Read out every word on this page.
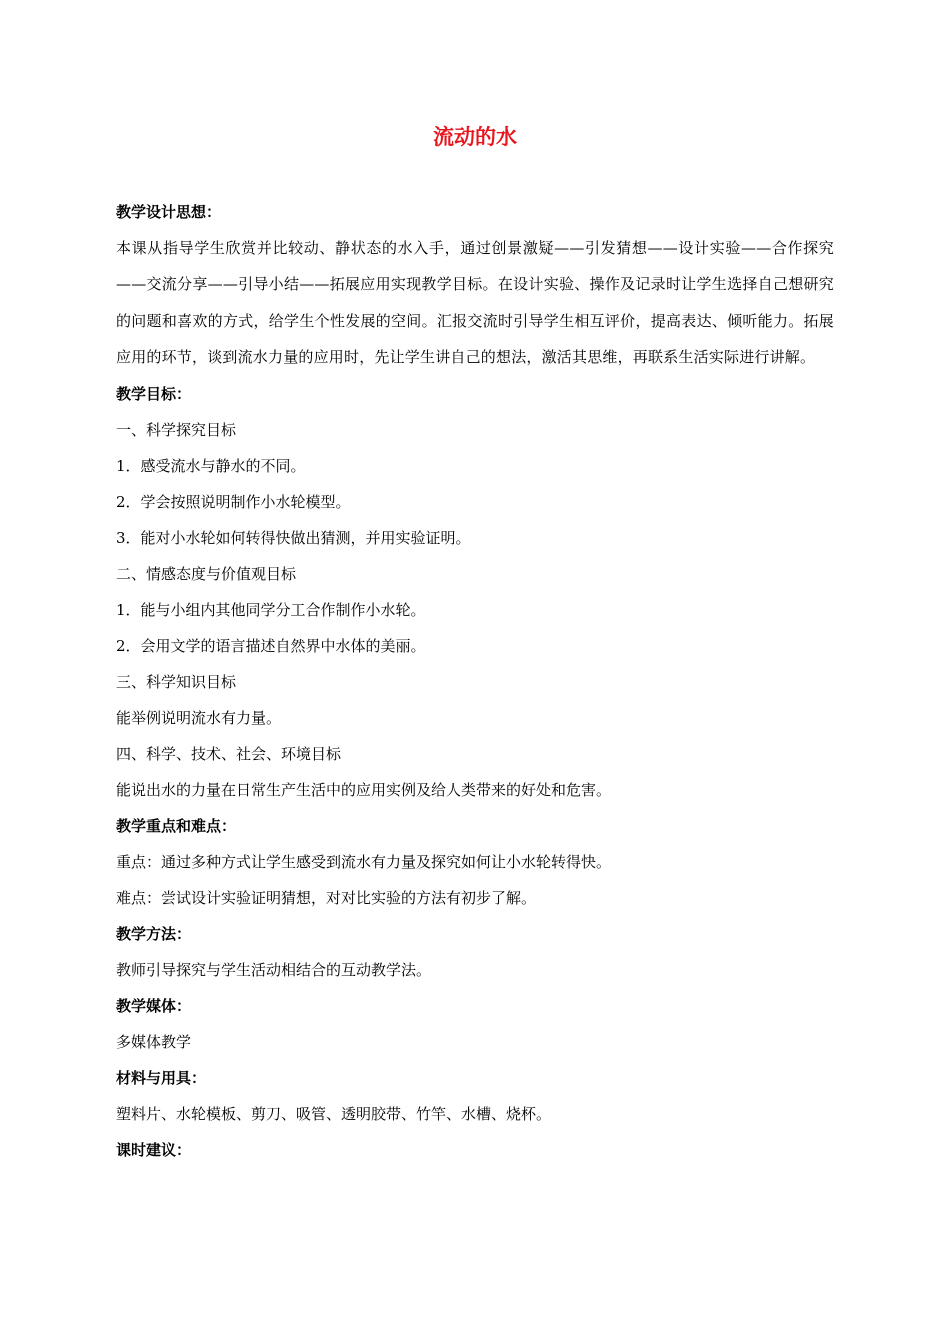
流动的水

教学设计思想：

本课从指导学生欣赏并比较动、静状态的水入手，通过创景激疑——引发猜想——设计实验——合作探究——交流分享——引导小结——拓展应用实现教学目标。在设计实验、操作及记录时让学生选择自己想研究的问题和喜欢的方式，给学生个性发展的空间。汇报交流时引导学生相互评价，提高表达、倾听能力。拓展应用的环节，谈到流水力量的应用时，先让学生讲自己的想法，激活其思维，再联系生活实际进行讲解。

教学目标：

一、科学探究目标

1．感受流水与静水的不同。

2．学会按照说明制作小水轮模型。

3．能对小水轮如何转得快做出猜测，并用实验证明。

二、情感态度与价值观目标

1．能与小组内其他同学分工合作制作小水轮。

2．会用文学的语言描述自然界中水体的美丽。

三、科学知识目标

能举例说明流水有力量。

四、科学、技术、社会、环境目标

能说出水的力量在日常生产生活中的应用实例及给人类带来的好处和危害。

教学重点和难点：

重点：通过多种方式让学生感受到流水有力量及探究如何让小水轮转得快。

难点：尝试设计实验证明猜想，对对比实验的方法有初步了解。

教学方法：

教师引导探究与学生活动相结合的互动教学法。

教学媒体：

多媒体教学

材料与用具：

塑料片、水轮模板、剪刀、吸管、透明胶带、竹竿、水槽、烧杯。

课时建议：
